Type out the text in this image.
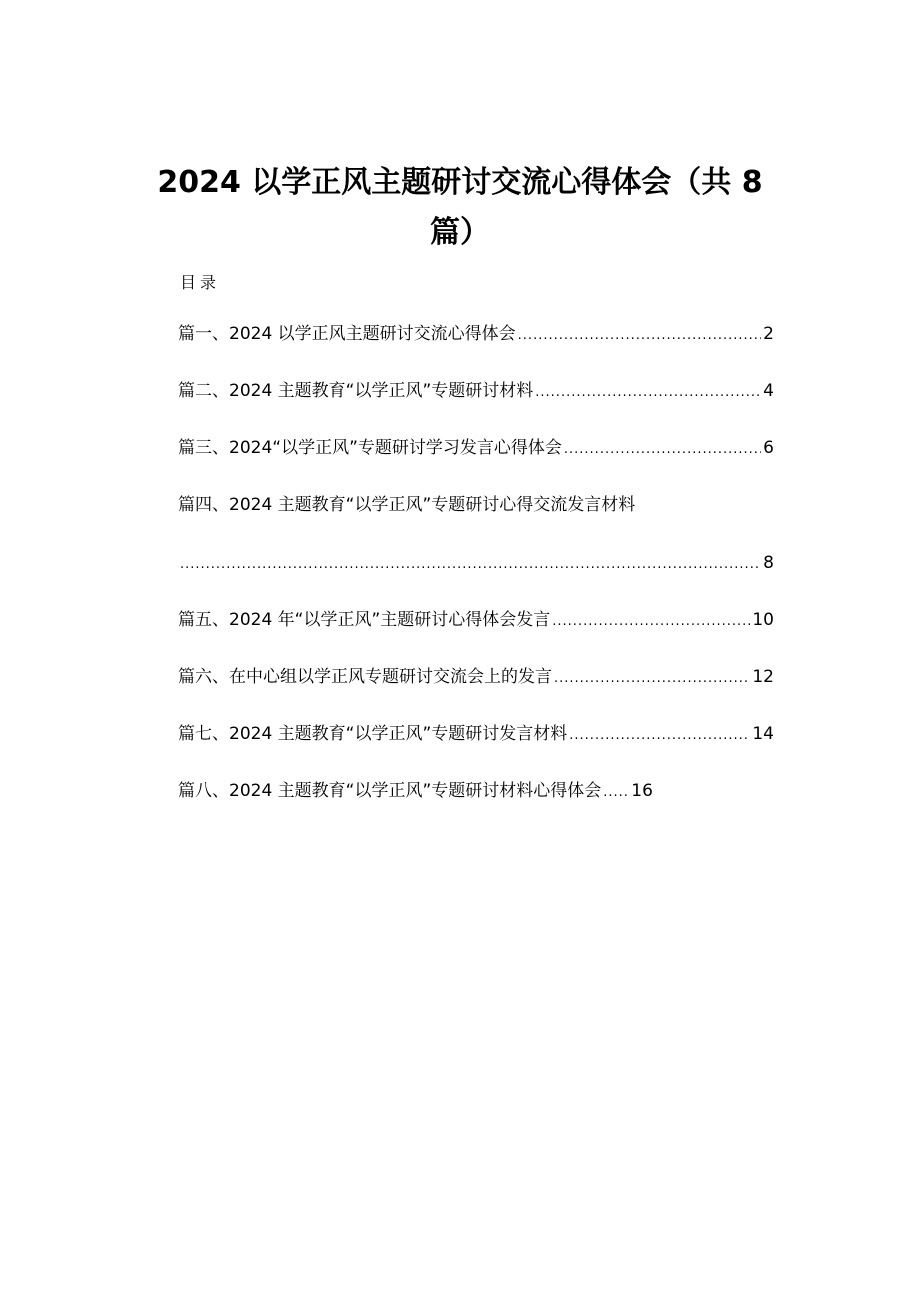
2024 以学正风主题研讨交流心得体会（共 8
篇）
目录
篇一、2024 以学正风主题研讨交流心得体会 .....	2
篇二、2024 主题教育“以学正风”专题研讨材料 .....	4
篇三、2024“以学正风”专题研讨学习发言心得体会 .....	6
篇四、2024 主题教育“以学正风”专题研讨心得交流发言材料
.....
8
篇五、2024 年“以学正风”主题研讨心得体会发言 .....	10
篇六、在中心组以学正风专题研讨交流会上的发言 .....	12
篇七、2024 主题教育“以学正风”专题研讨发言材料 .....	14
篇八、2024 主题教育“以学正风”专题研讨材料心得体会 ..... 16
